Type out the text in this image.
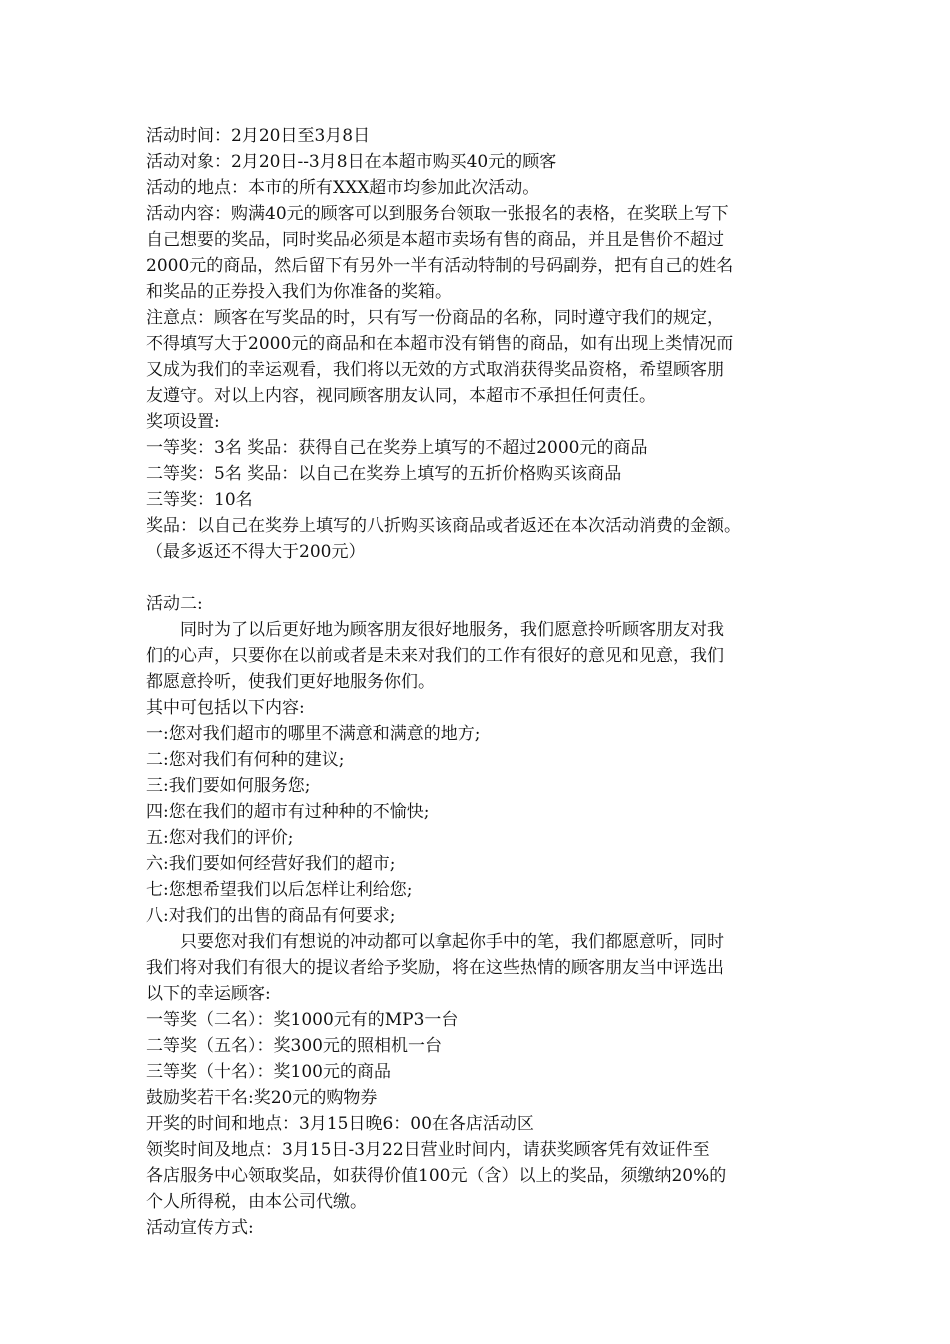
活动时间：2月20日至3月8日
活动对象：2月20日--3月8日在本超市购买40元的顾客
活动的地点：本市的所有XXX超市均参加此次活动。
活动内容：购满40元的顾客可以到服务台领取一张报名的表格，在奖联上写下
自己想要的奖品，同时奖品必须是本超市卖场有售的商品，并且是售价不超过
2000元的商品，然后留下有另外一半有活动特制的号码副券，把有自己的姓名
和奖品的正券投入我们为你准备的奖箱。
注意点：顾客在写奖品的时，只有写一份商品的名称，同时遵守我们的规定，
不得填写大于2000元的商品和在本超市没有销售的商品，如有出现上类情况而
又成为我们的幸运观看，我们将以无效的方式取消获得奖品资格，希望顾客朋
友遵守。对以上内容，视同顾客朋友认同，本超市不承担任何责任。
奖项设置:
一等奖：3名 奖品：获得自己在奖券上填写的不超过2000元的商品
二等奖：5名 奖品：以自己在奖券上填写的五折价格购买该商品
三等奖：10名
奖品：以自己在奖券上填写的八折购买该商品或者返还在本次活动消费的金额。
（最多返还不得大于200元）
活动二:
　　同时为了以后更好地为顾客朋友很好地服务，我们愿意拎听顾客朋友对我
们的心声，只要你在以前或者是未来对我们的工作有很好的意见和见意，我们
都愿意拎听，使我们更好地服务你们。
其中可包括以下内容:
一:您对我们超市的哪里不满意和满意的地方;
二:您对我们有何种的建议;
三:我们要如何服务您;
四:您在我们的超市有过种种的不愉快;
五:您对我们的评价;
六:我们要如何经营好我们的超市;
七:您想希望我们以后怎样让利给您;
八:对我们的出售的商品有何要求;
　　只要您对我们有想说的冲动都可以拿起你手中的笔，我们都愿意听，同时
我们将对我们有很大的提议者给予奖励，将在这些热情的顾客朋友当中评选出
以下的幸运顾客:
一等奖（二名）：奖1000元有的MP3一台
二等奖（五名）：奖300元的照相机一台
三等奖（十名）：奖100元的商品
鼓励奖若干名:奖20元的购物券
开奖的时间和地点：3月15日晚6：00在各店活动区
领奖时间及地点：3月15日-3月22日营业时间内，请获奖顾客凭有效证件至
各店服务中心领取奖品，如获得价值100元（含）以上的奖品，须缴纳20%的
个人所得税，由本公司代缴。
活动宣传方式:
